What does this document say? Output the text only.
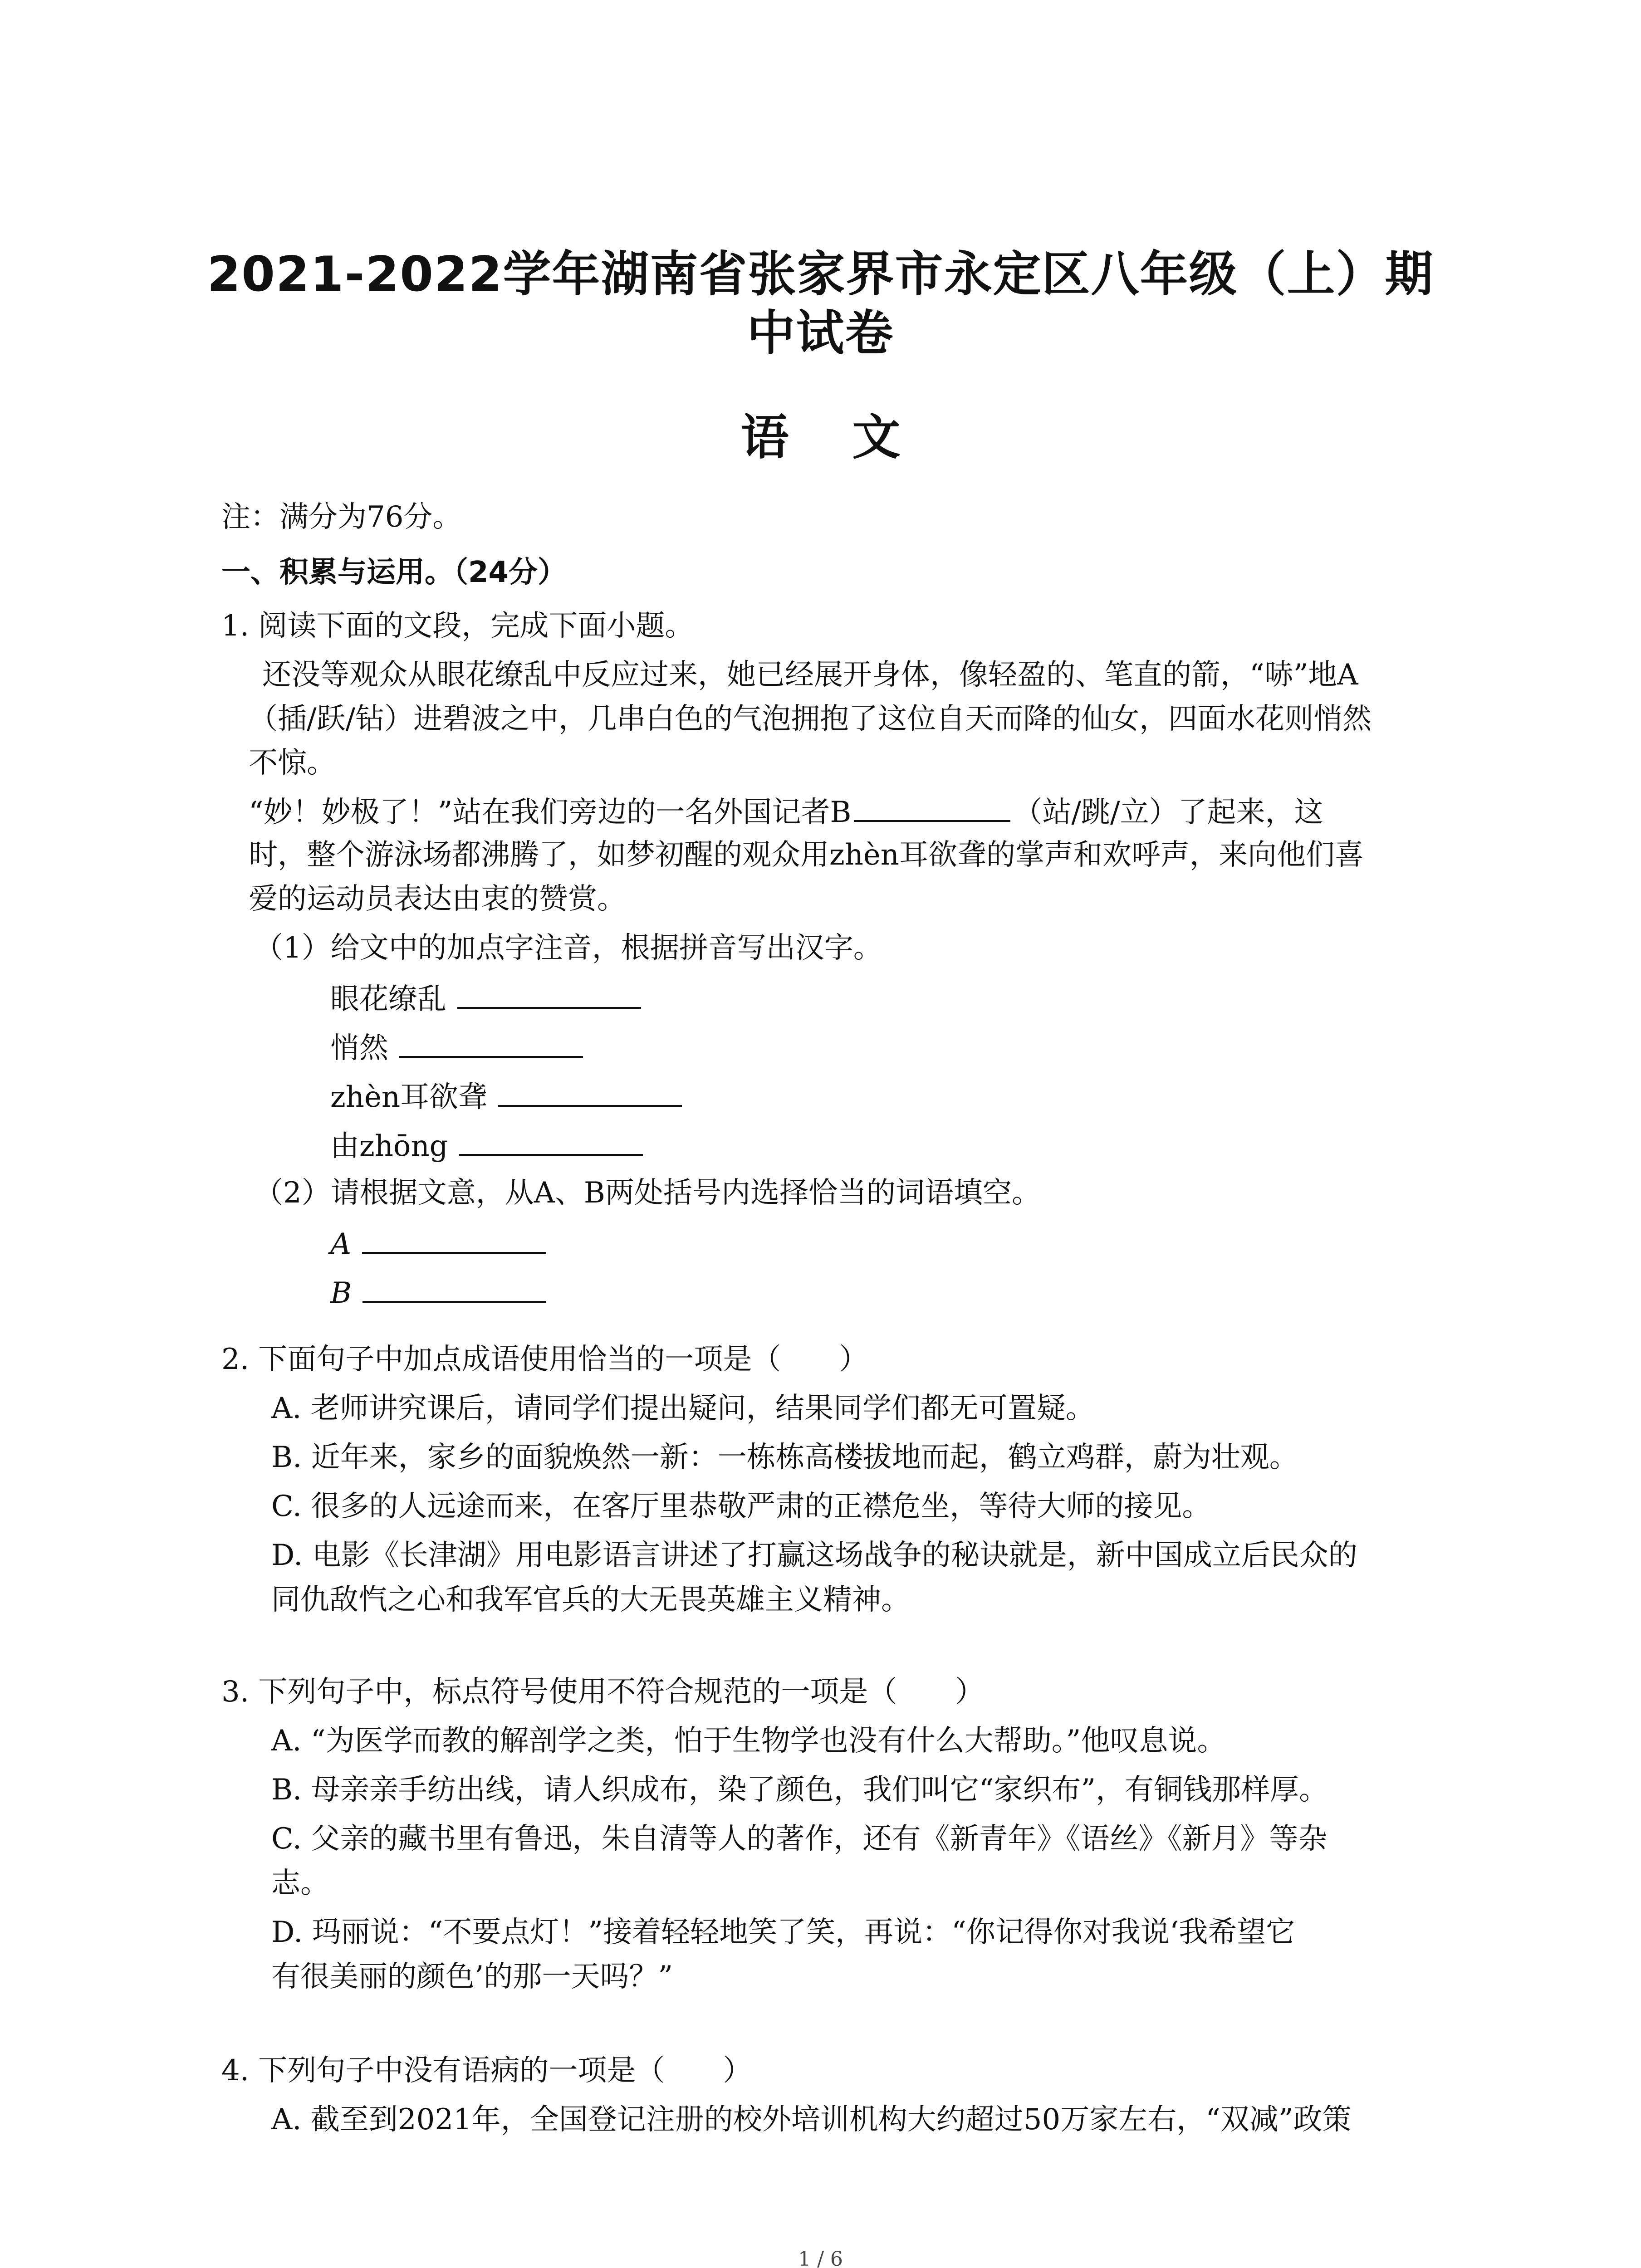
2021-2022学年湖南省张家界市永定区八年级（上）期
中试卷
语文
注：满分为76分。
一、积累与运用。（24分）
1. 阅读下面的文段，完成下面小题。
还没等观众从眼花缭乱中反应过来，她已经展开身体，像轻盈的、笔直的箭，“哧”地A
（插/跃/钻）进碧波之中，几串白色的气泡拥抱了这位自天而降的仙女，四面水花则悄然
不惊。
“妙！妙极了！”站在我们旁边的一名外国记者B	（站/跳/立）了起来，这
时，整个游泳场都沸腾了，如梦初醒的观众用zhèn耳欲聋的掌声和欢呼声，来向他们喜
爱的运动员表达由衷的赞赏。
（1）给文中的加点字注音，根据拼音写出汉字。
眼花缭乱
悄然
zhèn耳欲聋
由zhōng
（2）请根据文意，从A、B两处括号内选择恰当的词语填空。
A
B
2. 下面句子中加点成语使用恰当的一项是（　　）
A. 老师讲究课后，请同学们提出疑问，结果同学们都无可置疑。
B. 近年来，家乡的面貌焕然一新：一栋栋高楼拔地而起，鹤立鸡群，蔚为壮观。
C. 很多的人远途而来，在客厅里恭敬严肃的正襟危坐，等待大师的接见。
D. 电影《长津湖》用电影语言讲述了打赢这场战争的秘诀就是，新中国成立后民众的
同仇敌忾之心和我军官兵的大无畏英雄主义精神。
3. 下列句子中，标点符号使用不符合规范的一项是（　　）
A. “为医学而教的解剖学之类，怕于生物学也没有什么大帮助。”他叹息说。
B. 母亲亲手纺出线，请人织成布，染了颜色，我们叫它“家织布”，有铜钱那样厚。
C. 父亲的藏书里有鲁迅，朱自清等人的著作，还有《新青年》《语丝》《新月》等杂
志。
D. 玛丽说：“不要点灯！”接着轻轻地笑了笑，再说：“你记得你对我说‘我希望它
有很美丽的颜色’的那一天吗？”
4. 下列句子中没有语病的一项是（　　）
A. 截至到2021年，全国登记注册的校外培训机构大约超过50万家左右，“双减”政策
1 / 6
